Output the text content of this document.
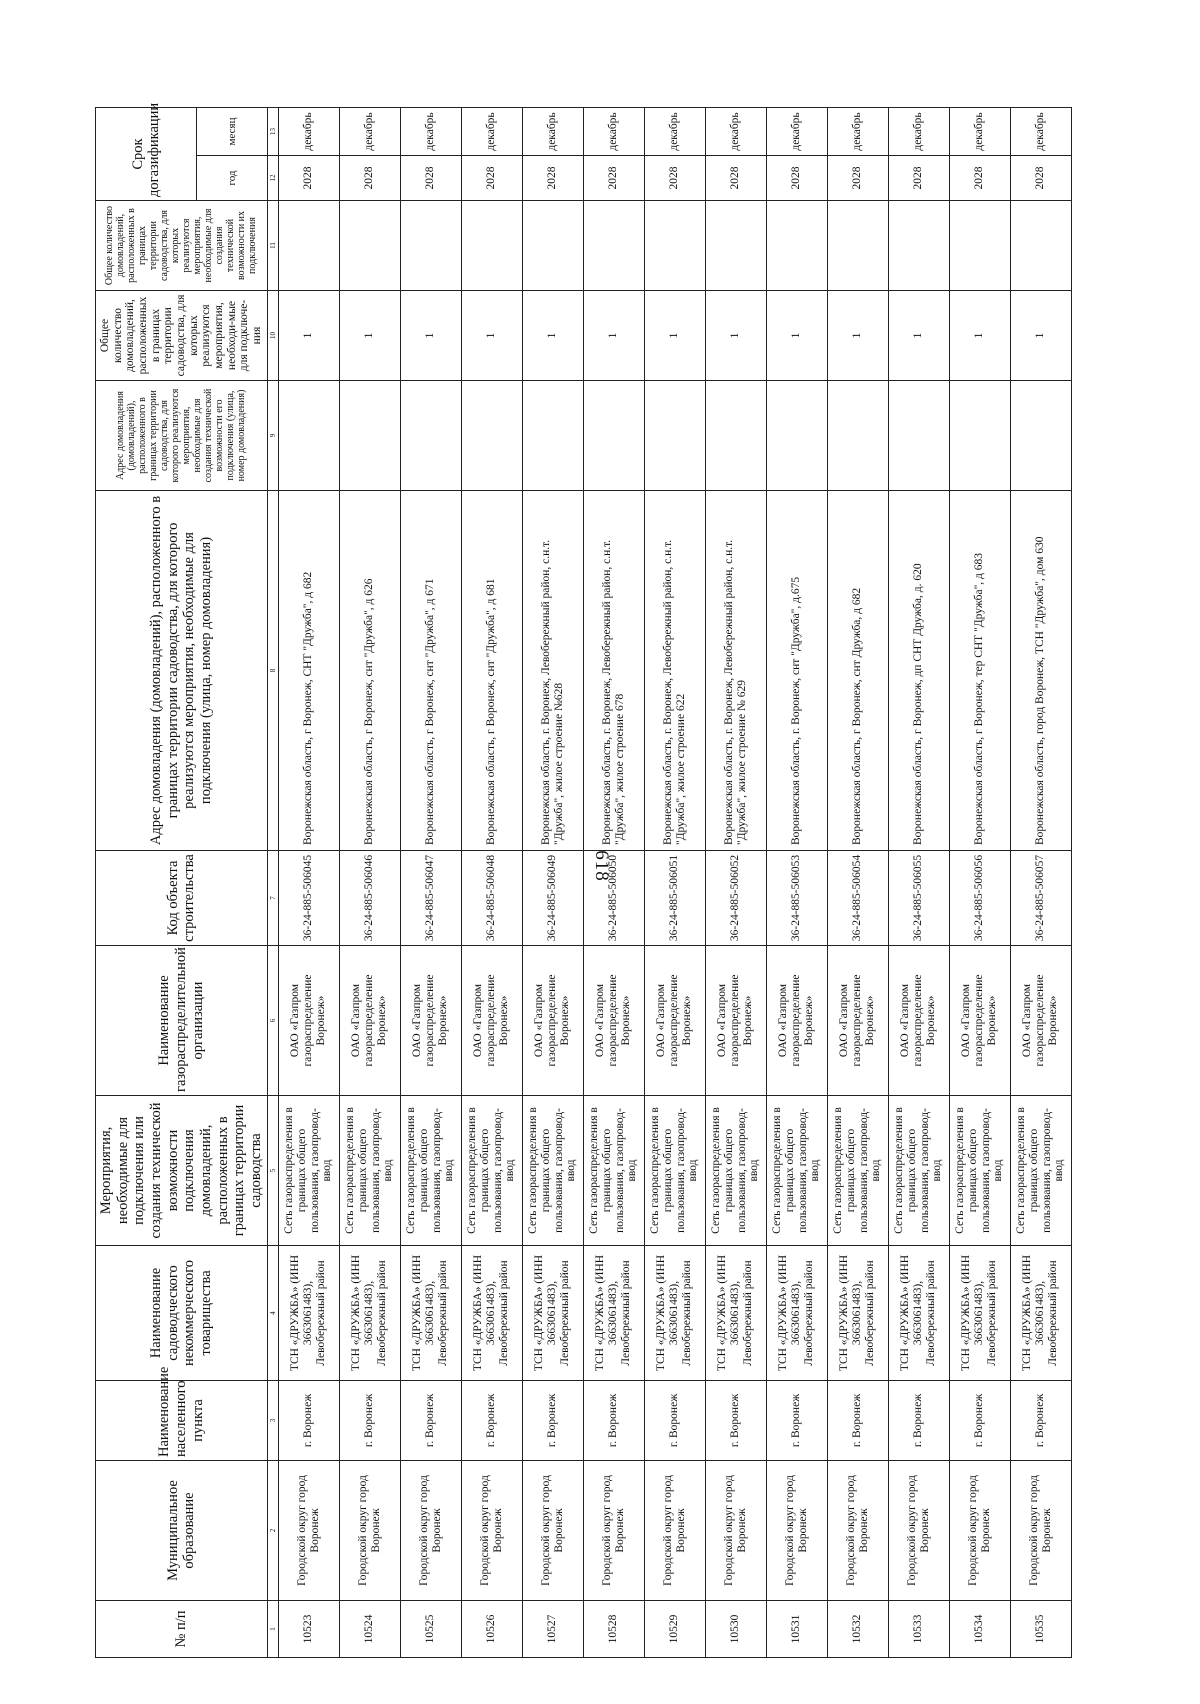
618
№ п/п	Муниципальное образование	Наименование населенного пункта	Наименование садоводческого некоммерческого товарищества	Мероприятия, необходимые для подключения или создания технической возможности подключения домовладений, расположенных в границах территории садоводства	Наименование газораспределительной организации	Код объекта строительства	Адрес домовладения (домовладений), расположенного в границах территории садоводства, для которого реализуются мероприятия, необходимые для подключения (улица, номер домовладения)	Адрес домовладения (домовладений), расположенного в границах территории садоводства, для которого реализуются мероприятия, необходимые для создания технической возможности его подключения (улица, номер домовладения)	Общее количество домовладений, расположенных в границах территории садоводства, для которых реализуются мероприятия, необходи-мые для подключе-ния	Общее количество домовладений, расположенных в границах территории садоводства, для которых реализуются мероприятия, необходимые для создания технической возможности их подключения	Срок догазификации	
											год	месяц
1	2	3	4	5	6	7	8	9	10	11	12	13
10523	Городской округ город Воронеж	г. Воронеж	ТСН «ДРУЖБА» (ИНН 3663061483), Левобережный район	Сеть газораспределения в границах общего пользования, газопровод-ввод	ОАО «Газпром газораспределение Воронеж»	36-24-885-506045	Воронежская область, г Воронеж, СНТ "Дружба", д 682		1		2028	декабрь
10524	Городской округ город Воронеж	г. Воронеж	ТСН «ДРУЖБА» (ИНН 3663061483), Левобережный район	Сеть газораспределения в границах общего пользования, газопровод-ввод	ОАО «Газпром газораспределение Воронеж»	36-24-885-506046	Воронежская область, г Воронеж, снт "Дружба", д 626		1		2028	декабрь
10525	Городской округ город Воронеж	г. Воронеж	ТСН «ДРУЖБА» (ИНН 3663061483), Левобережный район	Сеть газораспределения в границах общего пользования, газопровод-ввод	ОАО «Газпром газораспределение Воронеж»	36-24-885-506047	Воронежская область, г Воронеж, снт "Дружба", д 671		1		2028	декабрь
10526	Городской округ город Воронеж	г. Воронеж	ТСН «ДРУЖБА» (ИНН 3663061483), Левобережный район	Сеть газораспределения в границах общего пользования, газопровод-ввод	ОАО «Газпром газораспределение Воронеж»	36-24-885-506048	Воронежская область, г Воронеж, снт "Дружба", д 681		1		2028	декабрь
10527	Городской округ город Воронеж	г. Воронеж	ТСН «ДРУЖБА» (ИНН 3663061483), Левобережный район	Сеть газораспределения в границах общего пользования, газопровод-ввод	ОАО «Газпром газораспределение Воронеж»	36-24-885-506049	Воронежская область, г. Воронеж, Левобережный район, с.н.т. "Дружба", жилое строение №628		1		2028	декабрь
10528	Городской округ город Воронеж	г. Воронеж	ТСН «ДРУЖБА» (ИНН 3663061483), Левобережный район	Сеть газораспределения в границах общего пользования, газопровод-ввод	ОАО «Газпром газораспределение Воронеж»	36-24-885-506050	Воронежская область, г. Воронеж, Левобережный район, с.н.т. "Дружба", жилое строение 678		1		2028	декабрь
10529	Городской округ город Воронеж	г. Воронеж	ТСН «ДРУЖБА» (ИНН 3663061483), Левобережный район	Сеть газораспределения в границах общего пользования, газопровод-ввод	ОАО «Газпром газораспределение Воронеж»	36-24-885-506051	Воронежская область, г. Воронеж, Левобережный район, с.н.т. "Дружба", жилое строение 622		1		2028	декабрь
10530	Городской округ город Воронеж	г. Воронеж	ТСН «ДРУЖБА» (ИНН 3663061483), Левобережный район	Сеть газораспределения в границах общего пользования, газопровод-ввод	ОАО «Газпром газораспределение Воронеж»	36-24-885-506052	Воронежская область, г. Воронеж, Левобережный район, с.н.т. "Дружба", жилое строение № 629		1		2028	декабрь
10531	Городской округ город Воронеж	г. Воронеж	ТСН «ДРУЖБА» (ИНН 3663061483), Левобережный район	Сеть газораспределения в границах общего пользования, газопровод-ввод	ОАО «Газпром газораспределение Воронеж»	36-24-885-506053	Воронежская область, г. Воронеж, снт "Дружба", д.675		1		2028	декабрь
10532	Городской округ город Воронеж	г. Воронеж	ТСН «ДРУЖБА» (ИНН 3663061483), Левобережный район	Сеть газораспределения в границах общего пользования, газопровод-ввод	ОАО «Газпром газораспределение Воронеж»	36-24-885-506054	Воронежская область, г Воронеж, снт Дружба, д 682		1		2028	декабрь
10533	Городской округ город Воронеж	г. Воронеж	ТСН «ДРУЖБА» (ИНН 3663061483), Левобережный район	Сеть газораспределения в границах общего пользования, газопровод-ввод	ОАО «Газпром газораспределение Воронеж»	36-24-885-506055	Воронежская область, г Воронеж, дп СНТ Дружба, д. 620		1		2028	декабрь
10534	Городской округ город Воронеж	г. Воронеж	ТСН «ДРУЖБА» (ИНН 3663061483), Левобережный район	Сеть газораспределения в границах общего пользования, газопровод-ввод	ОАО «Газпром газораспределение Воронеж»	36-24-885-506056	Воронежская область, г Воронеж, тер СНТ "Дружба", д 683		1		2028	декабрь
10535	Городской округ город Воронеж	г. Воронеж	ТСН «ДРУЖБА» (ИНН 3663061483), Левобережный район	Сеть газораспределения в границах общего пользования, газопровод-ввод	ОАО «Газпром газораспределение Воронеж»	36-24-885-506057	Воронежская область, город Воронеж, ТСН "Дружба", дом 630		1		2028	декабрь
